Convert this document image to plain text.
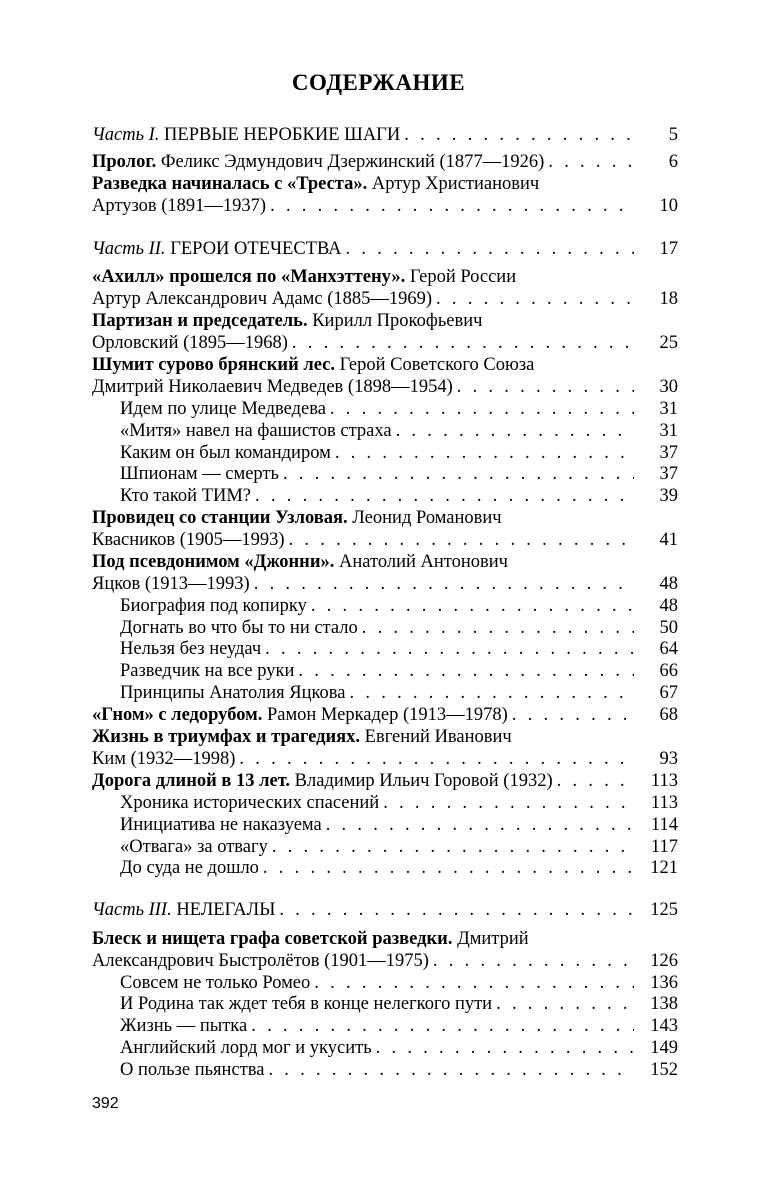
СОДЕРЖАНИЕ
Часть I. ПЕРВЫЕ НЕРОБКИЕ ШАГИ . . .	5
Пролог. Феликс Эдмундович Дзержинский (1877—1926) . . .	6
Разведка начиналась с «Треста». Артур Христианович
Артузов (1891—1937) . . .	10
Часть II. ГЕРОИ ОТЕЧЕСТВА . . .	17
«Ахилл» прошелся по «Манхэттену». Герой России
Артур Александрович Адамс (1885—1969) . . .	18
Партизан и председатель. Кирилл Прокофьевич
Орловский (1895—1968) . . .	25
Шумит сурово брянский лес. Герой Советского Союза
Дмитрий Николаевич Медведев (1898—1954) . . .	30
Идем по улице Медведева . . .	31
«Митя» навел на фашистов страха . . .	31
Каким он был командиром . . .	37
Шпионам — смерть . . .	37
Кто такой ТИМ? . . .	39
Провидец со станции Узловая. Леонид Романович
Квасников (1905—1993) . . .	41
Под псевдонимом «Джонни». Анатолий Антонович
Яцков (1913—1993) . . .	48
Биография под копирку . . .	48
Догнать во что бы то ни стало . . .	50
Нельзя без неудач . . .	64
Разведчик на все руки . . .	66
Принципы Анатолия Яцкова . . .	67
«Гном» с ледорубом. Рамон Меркадер (1913—1978) . . .	68
Жизнь в триумфах и трагедиях. Евгений Иванович
Ким (1932—1998) . . .	93
Дорога длиной в 13 лет. Владимир Ильич Горовой (1932) . . .	113
Хроника исторических спасений . . .	113
Инициатива не наказуема . . .	114
«Отвага» за отвагу . . .	117
До суда не дошло . . .	121
Часть III. НЕЛЕГАЛЫ . . .	125
Блеск и нищета графа советской разведки. Дмитрий
Александрович Быстролётов (1901—1975) . . .	126
Совсем не только Ромео . . .	136
И Родина так ждет тебя в конце нелегкого пути . . .	138
Жизнь — пытка . . .	143
Английский лорд мог и укусить . . .	149
О пользе пьянства . . .	152
392
